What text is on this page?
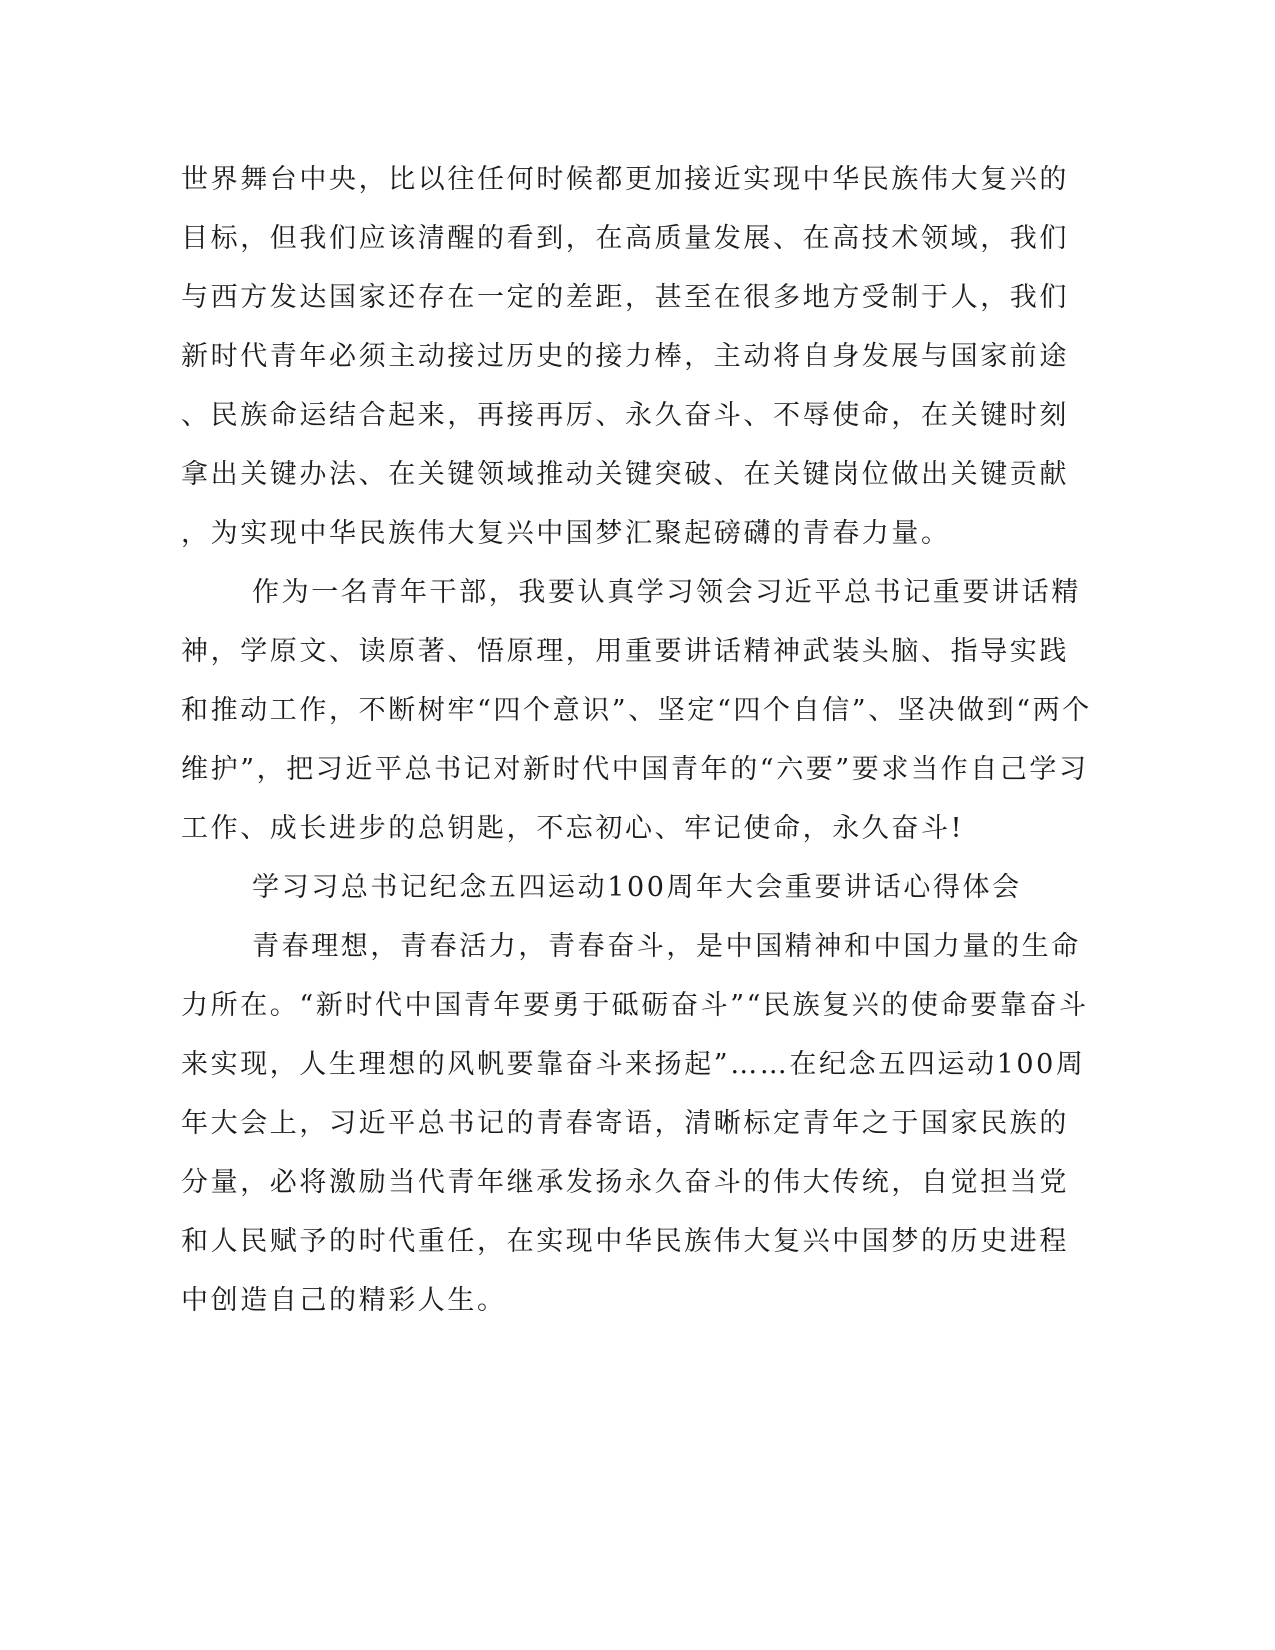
世界舞台中央，比以往任何时候都更加接近实现中华民族伟大复兴的
目标，但我们应该清醒的看到，在高质量发展、在高技术领域，我们
与西方发达国家还存在一定的差距，甚至在很多地方受制于人，我们
新时代青年必须主动接过历史的接力棒，主动将自身发展与国家前途
、民族命运结合起来，再接再厉、永久奋斗、不辱使命，在关键时刻
拿出关键办法、在关键领域推动关键突破、在关键岗位做出关键贡献
，为实现中华民族伟大复兴中国梦汇聚起磅礴的青春力量。
作为一名青年干部，我要认真学习领会习近平总书记重要讲话精
神，学原文、读原著、悟原理，用重要讲话精神武装头脑、指导实践
和推动工作，不断树牢“四个意识”、坚定“四个自信”、坚决做到“两个
维护”，把习近平总书记对新时代中国青年的“六要”要求当作自己学习
工作、成长进步的总钥匙，不忘初心、牢记使命，永久奋斗!
学习习总书记纪念五四运动100周年大会重要讲话心得体会
青春理想，青春活力，青春奋斗，是中国精神和中国力量的生命
力所在。“新时代中国青年要勇于砥砺奋斗”“民族复兴的使命要靠奋斗
来实现，人生理想的风帆要靠奋斗来扬起”……在纪念五四运动100周
年大会上，习近平总书记的青春寄语，清晰标定青年之于国家民族的
分量，必将激励当代青年继承发扬永久奋斗的伟大传统，自觉担当党
和人民赋予的时代重任，在实现中华民族伟大复兴中国梦的历史进程
中创造自己的精彩人生。
